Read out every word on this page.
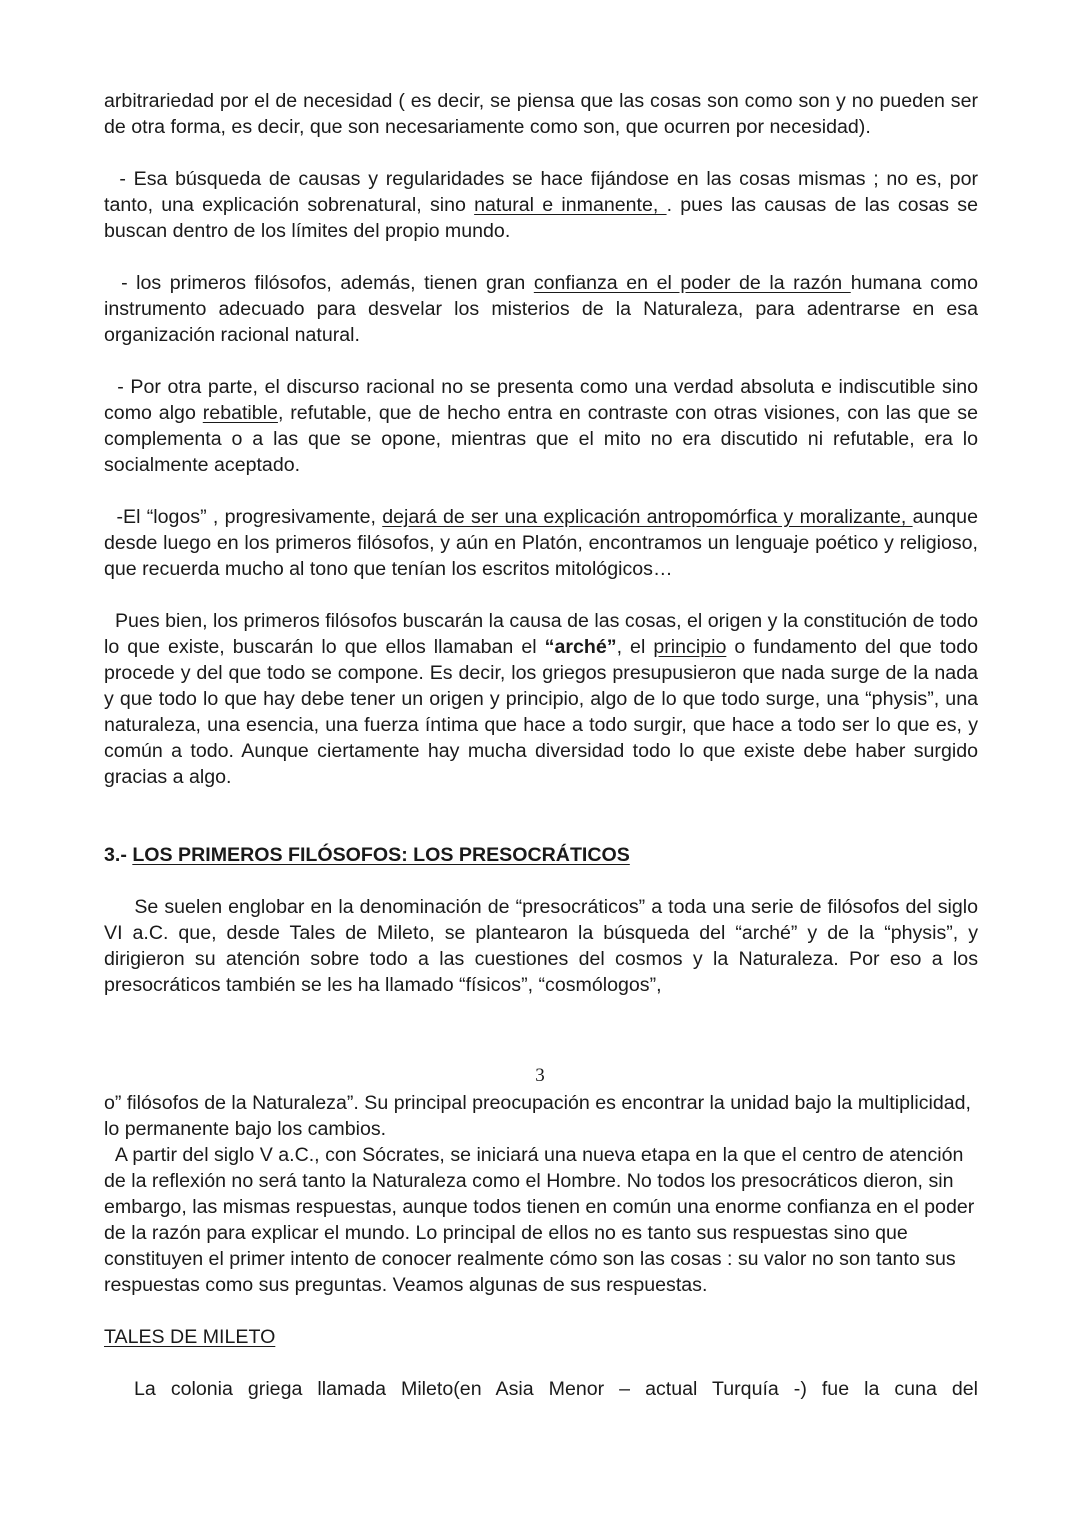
arbitrariedad por el de necesidad ( es decir, se piensa que las cosas son como son y no pueden ser de otra forma, es decir, que son necesariamente como son, que ocurren por necesidad).

- Esa búsqueda de causas y regularidades se hace fijándose en las cosas mismas ; no es, por tanto, una explicación sobrenatural, sino natural e inmanente, . pues las causas de las cosas se buscan dentro de los límites del propio mundo.

- los primeros filósofos, además, tienen gran confianza en el poder de la razón humana como instrumento adecuado para desvelar los misterios de la Naturaleza, para adentrarse en esa organización racional natural.

- Por otra parte, el discurso racional no se presenta como una verdad absoluta e indiscutible sino como algo rebatible, refutable, que de hecho entra en contraste con otras visiones, con las que se complementa o a las que se opone, mientras que el mito no era discutido ni refutable, era lo socialmente aceptado.

-El “logos” , progresivamente, dejará de ser una explicación antropomórfica y moralizante, aunque desde luego en los primeros filósofos, y aún en Platón, encontramos un lenguaje poético y religioso, que recuerda mucho al tono que tenían los escritos mitológicos…

Pues bien, los primeros filósofos buscarán la causa de las cosas, el origen y la constitución de todo lo que existe, buscarán lo que ellos llamaban el “arché”, el principio o fundamento del que todo procede y del que todo se compone. Es decir, los griegos presupusieron que nada surge de la nada y que todo lo que hay debe tener un origen y principio, algo de lo que todo surge, una “physis”, una naturaleza, una esencia, una fuerza íntima que hace a todo surgir, que hace a todo ser lo que es, y común a todo. Aunque ciertamente hay mucha diversidad todo lo que existe debe haber surgido gracias a algo.

3.- LOS PRIMEROS FILÓSOFOS: LOS PRESOCRÁTICOS

Se suelen englobar en la denominación de “presocráticos” a toda una serie de filósofos del siglo VI a.C. que, desde Tales de Mileto, se plantearon la búsqueda del “arché” y de la “physis”, y dirigieron su atención sobre todo a las cuestiones del cosmos y la Naturaleza. Por eso a los presocráticos también se les ha llamado “físicos”, “cosmólogos”,

3

o” filósofos de la Naturaleza”. Su principal preocupación es encontrar la unidad bajo la multiplicidad, lo permanente bajo los cambios.

A partir del siglo V a.C., con Sócrates, se iniciará una nueva etapa en la que el centro de atención de la reflexión no será tanto la Naturaleza como el Hombre. No todos los presocráticos dieron, sin embargo, las mismas respuestas, aunque todos tienen en común una enorme confianza en el poder de la razón para explicar el mundo. Lo principal de ellos no es tanto sus respuestas sino que constituyen el primer intento de conocer realmente cómo son las cosas : su valor no son tanto sus respuestas como sus preguntas. Veamos algunas de sus respuestas.

TALES DE MILETO

La colonia griega llamada Mileto(en Asia Menor – actual Turquía -) fue la cuna del
